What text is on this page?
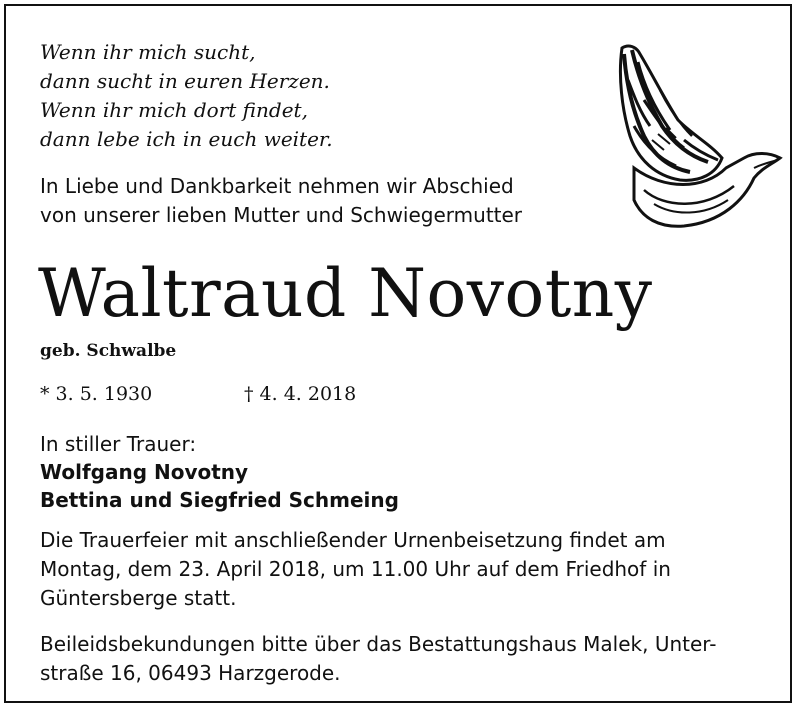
Wenn ihr mich sucht,
dann sucht in euren Herzen.
Wenn ihr mich dort findet,
dann lebe ich in euch weiter.

In Liebe und Dankbarkeit nehmen wir Abschied
von unserer lieben Mutter und Schwiegermutter

Waltraud Novotny
geb. Schwalbe
* 3. 5. 1930	† 4. 4. 2018

In stiller Trauer:
Wolfgang Novotny
Bettina und Siegfried Schmeing

Die Trauerfeier mit anschließender Urnenbeisetzung findet am
Montag, dem 23. April 2018, um 11.00 Uhr auf dem Friedhof in
Güntersberge statt.

Beileidsbekundungen bitte über das Bestattungshaus Malek, Unter-
straße 16, 06493 Harzgerode.
